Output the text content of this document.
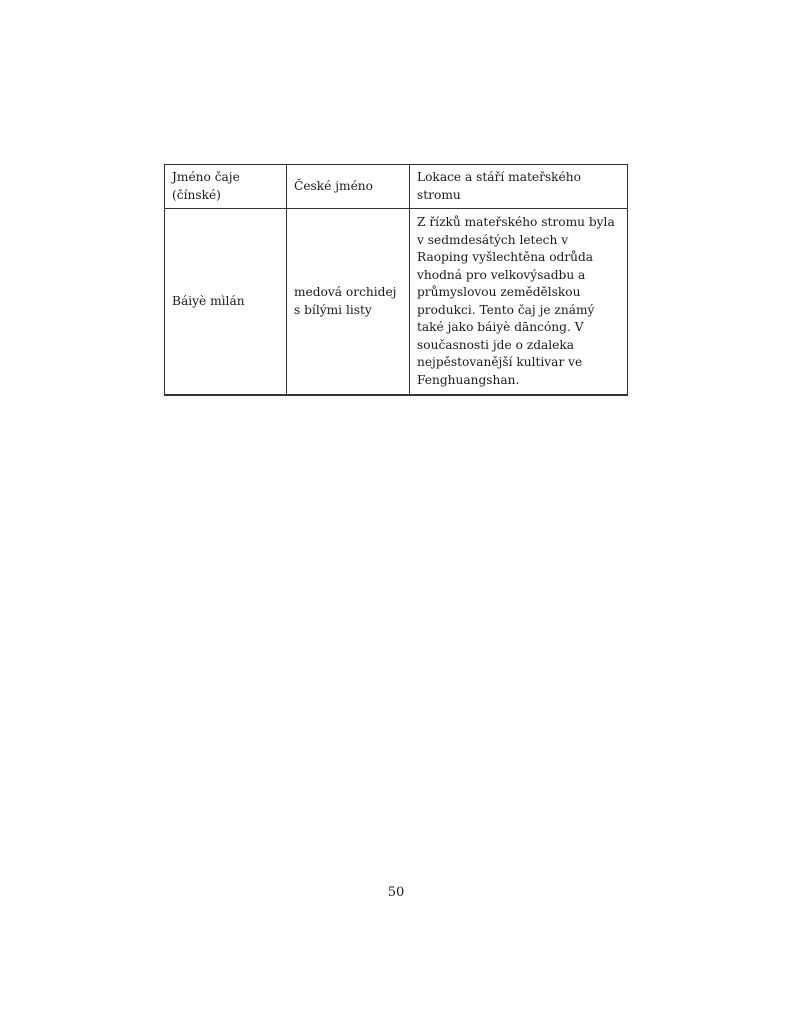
Jméno čaje (čínské)	České jméno	Lokace a stáří mateřského stromu
Báiyè mìlán	medová orchidej s bílými listy	Z řízků mateřského stromu byla v sedmdesátých letech v Raoping vyšlechtěna odrůda vhodná pro velkovýsadbu a průmyslovou zemědělskou produkci. Tento čaj je známý také jako báiyè dāncóng. V současnosti jde o zdaleka nejpěstovanější kultivar ve Fenghuangshan.
50
